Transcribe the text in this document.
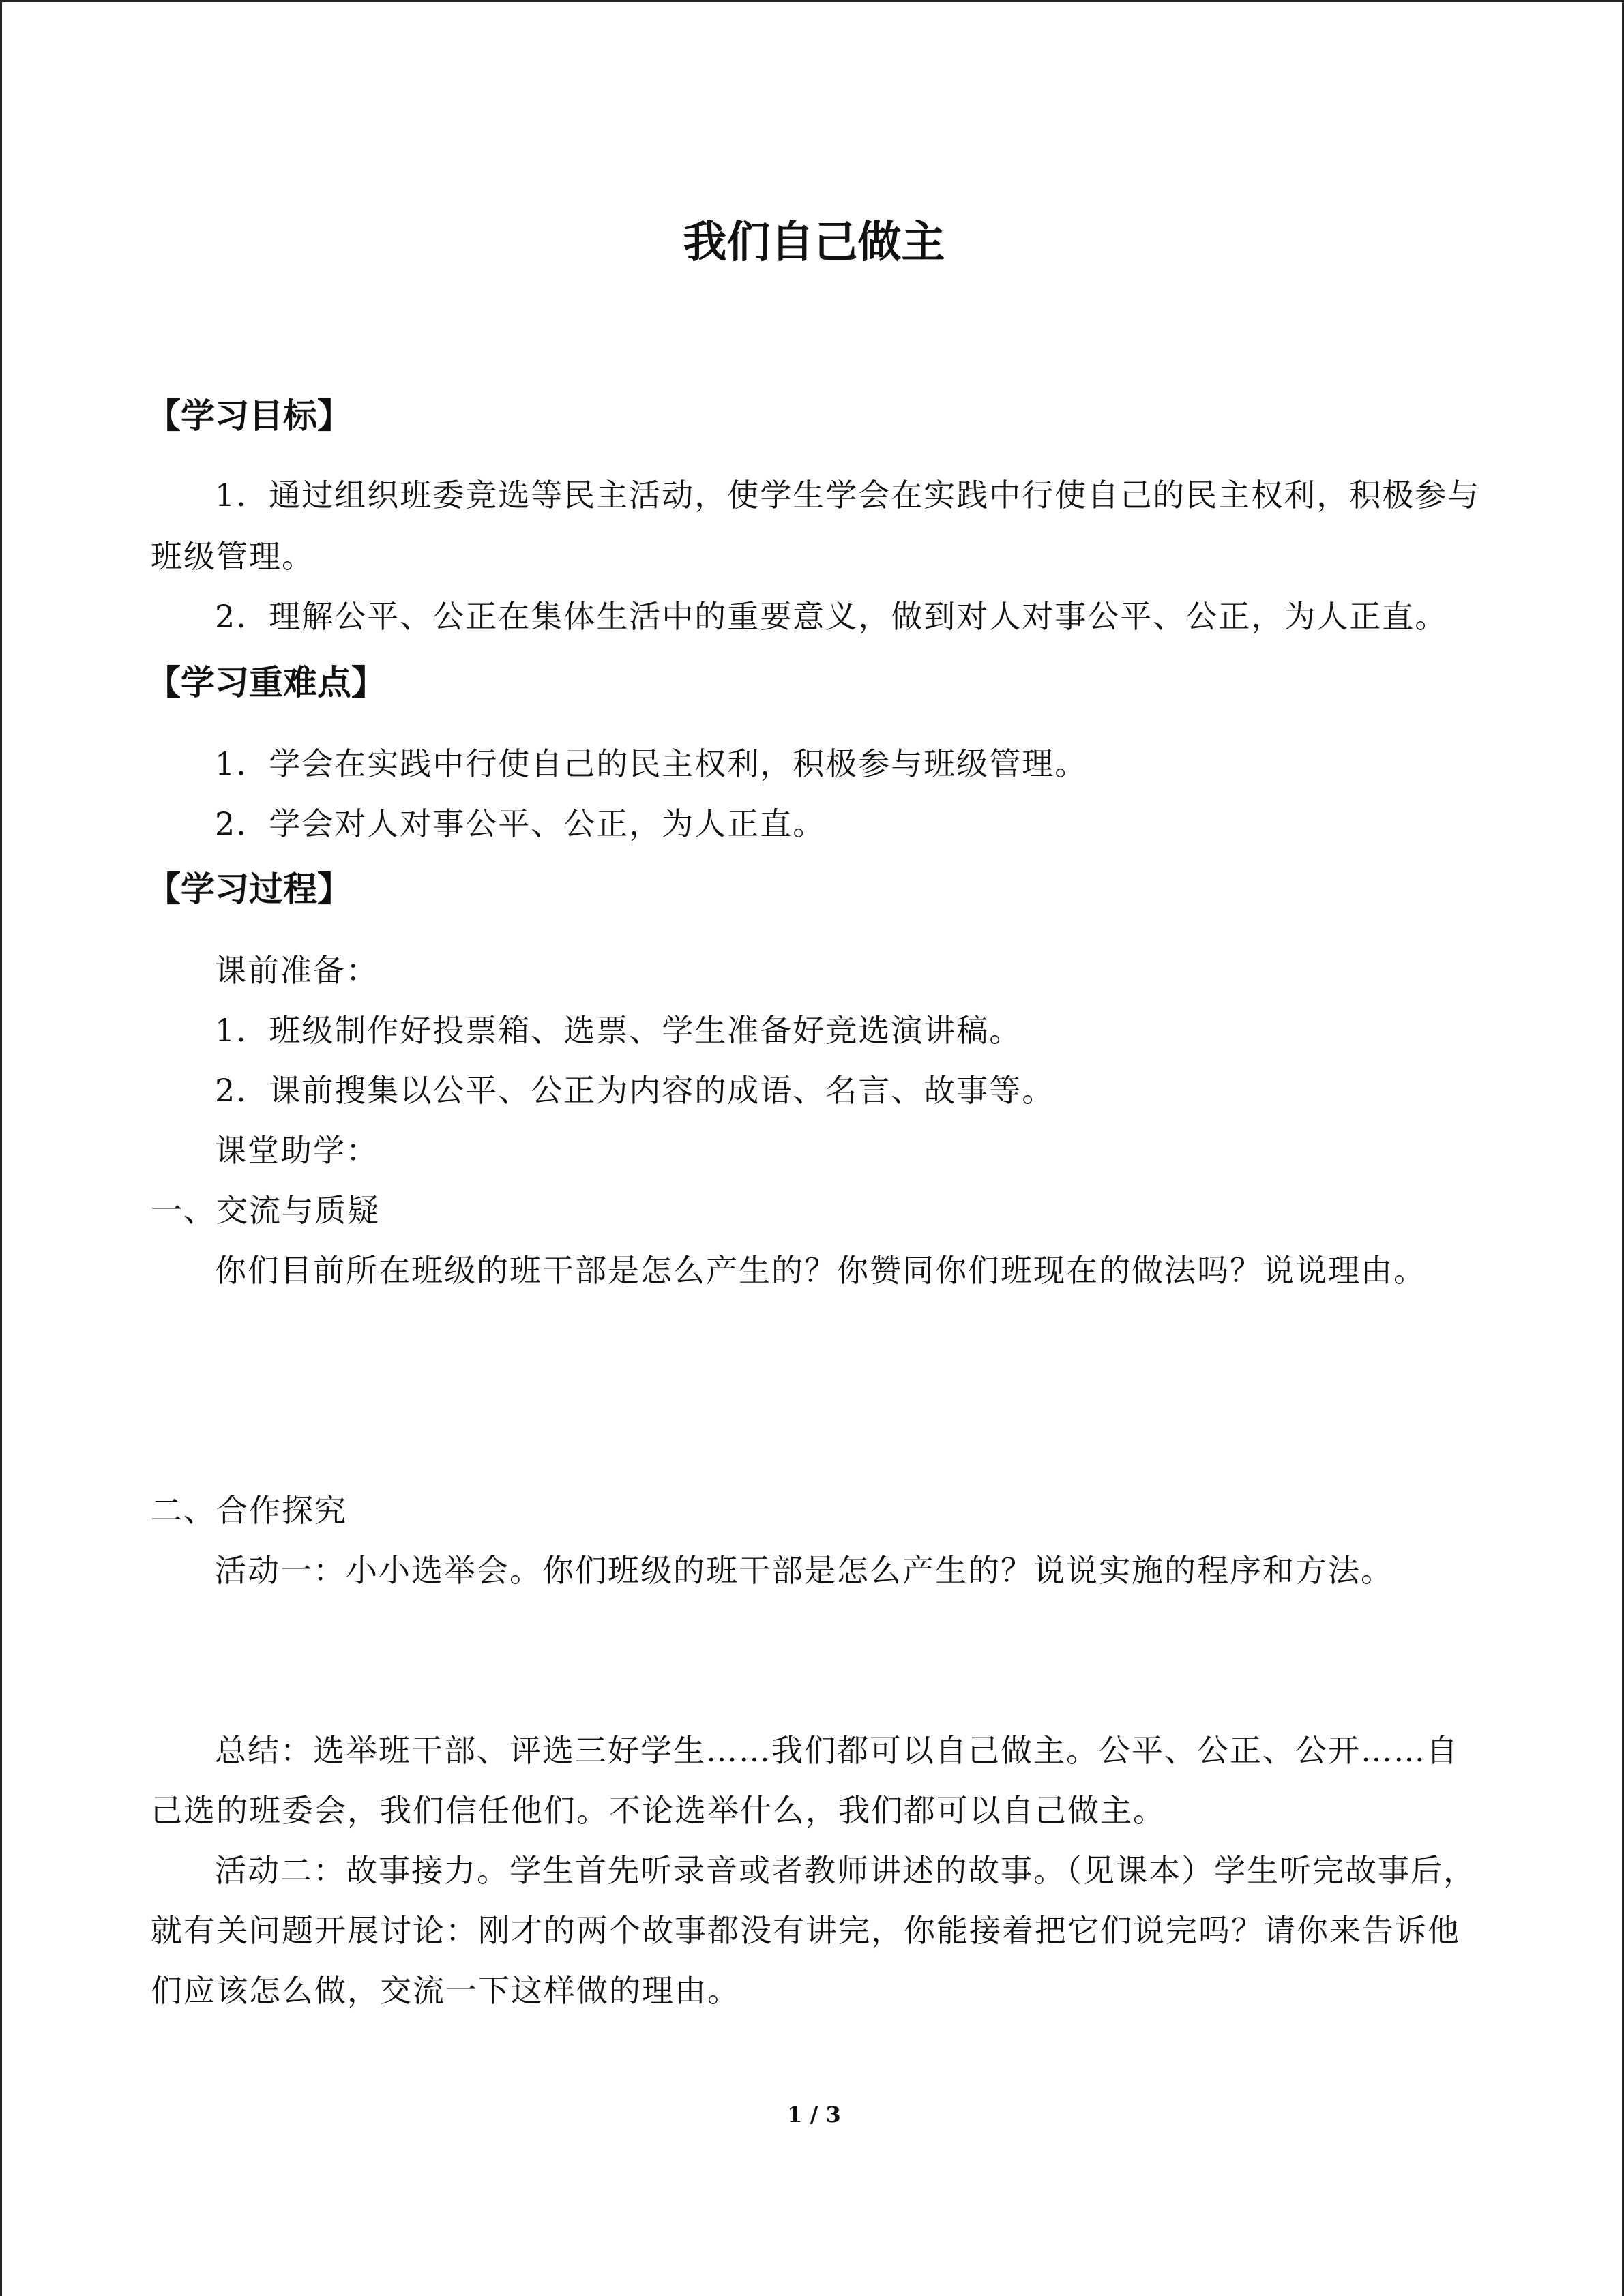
我们自己做主
【学习目标】
1．通过组织班委竞选等民主活动，使学生学会在实践中行使自己的民主权利，积极参与
班级管理。
2．理解公平、公正在集体生活中的重要意义，做到对人对事公平、公正，为人正直。
【学习重难点】
1．学会在实践中行使自己的民主权利，积极参与班级管理。
2．学会对人对事公平、公正，为人正直。
【学习过程】
课前准备：
1．班级制作好投票箱、选票、学生准备好竞选演讲稿。
2．课前搜集以公平、公正为内容的成语、名言、故事等。
课堂助学：
一、交流与质疑
你们目前所在班级的班干部是怎么产生的？你赞同你们班现在的做法吗？说说理由。
二、合作探究
活动一：小小选举会。你们班级的班干部是怎么产生的？说说实施的程序和方法。
总结：选举班干部、评选三好学生……我们都可以自己做主。公平、公正、公开……自
己选的班委会，我们信任他们。不论选举什么，我们都可以自己做主。
活动二：故事接力。学生首先听录音或者教师讲述的故事。（见课本）学生听完故事后，
就有关问题开展讨论：刚才的两个故事都没有讲完，你能接着把它们说完吗？请你来告诉他
们应该怎么做，交流一下这样做的理由。
1 / 3
